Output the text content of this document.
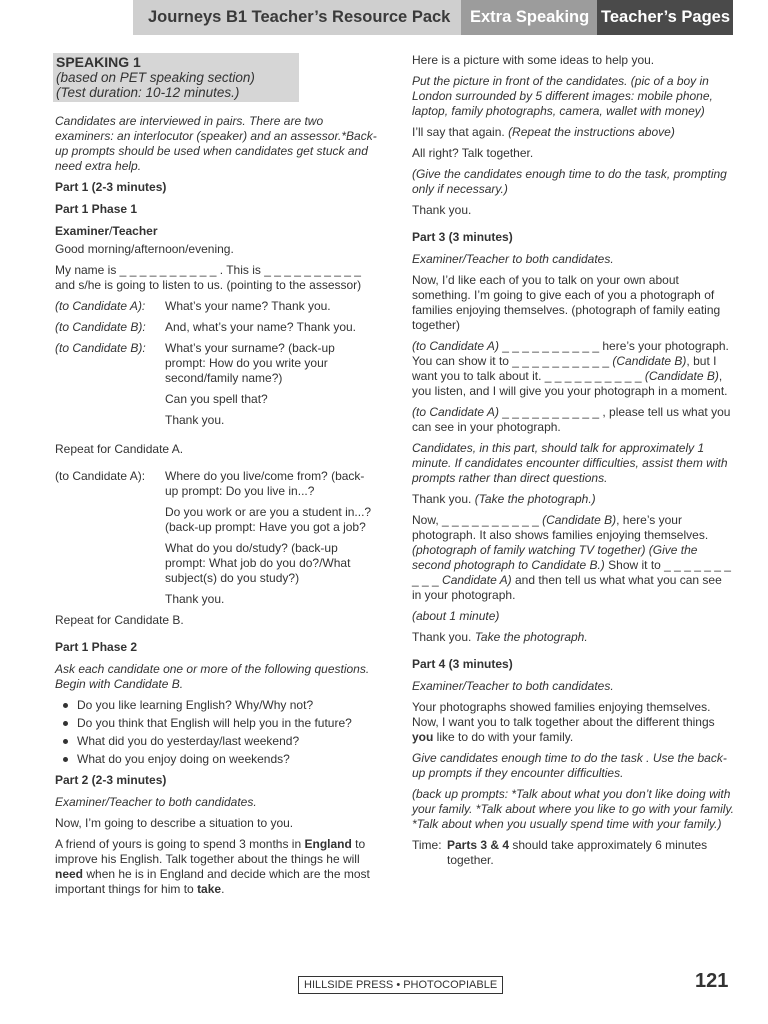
Journeys B1 Teacher’s Resource Pack	Extra Speaking Teacher’s Pages
SPEAKING 1
(based on PET speaking section)
(Test duration: 10-12 minutes.)

Candidates are interviewed in pairs. There are two examiners: an interlocutor (speaker) and an assessor.*Back-up prompts should be used when candidates get stuck and need extra help.

Part 1 (2-3 minutes)

Part 1 Phase 1

Examiner/Teacher

Good morning/afternoon/evening.

My name is _ _ _ _ _ _ _ _ _ _ . This is _ _ _ _ _ _ _ _ _ _ and s/he is going to listen to us. (pointing to the assessor)

(to Candidate A):	What’s your name? Thank you.
(to Candidate B):	And, what’s your name? Thank you.
(to Candidate B):	What’s your surname? (back-up prompt: How do you write your second/family name?)

Can you spell that?

Thank you.

Repeat for Candidate A.

(to Candidate A):	Where do you live/come from? (back-up prompt: Do you live in...?

Do you work or are you a student in...? (back-up prompt: Have you got a job?

What do you do/study? (back-up prompt: What job do you do?/What subject(s) do you study?)

Thank you.

Repeat for Candidate B.

Part 1 Phase 2

Ask each candidate one or more of the following questions. Begin with Candidate B.

Do you like learning English? Why/Why not?
Do you think that English will help you in the future?
What did you do yesterday/last weekend?
What do you enjoy doing on weekends?

Part 2 (2-3 minutes)

Examiner/Teacher to both candidates.

Now, I’m going to describe a situation to you.

A friend of yours is going to spend 3 months in England to improve his English. Talk together about the things he will need when he is in England and decide which are the most important things for him to take.

Here is a picture with some ideas to help you.

Put the picture in front of the candidates. (pic of a boy in London surrounded by 5 different images: mobile phone, laptop, family photographs, camera, wallet with money)

I’ll say that again. (Repeat the instructions above)

All right? Talk together.

(Give the candidates enough time to do the task, prompting only if necessary.)

Thank you.

Part 3 (3 minutes)

Examiner/Teacher to both candidates.

Now, I’d like each of you to talk on your own about something. I’m going to give each of you a photograph of families enjoying themselves. (photograph of family eating together)

(to Candidate A) _ _ _ _ _ _ _ _ _ _ here’s your photograph. You can show it to _ _ _ _ _ _ _ _ _ _ (Candidate B), but I want you to talk about it. _ _ _ _ _ _ _ _ _ _ (Candidate B), you listen, and I will give you your photograph in a moment.

(to Candidate A) _ _ _ _ _ _ _ _ _ _ , please tell us what you can see in your photograph.

Candidates, in this part, should talk for approximately 1 minute. If candidates encounter difficulties, assist them with prompts rather than direct questions.

Thank you. (Take the photograph.)

Now, _ _ _ _ _ _ _ _ _ _ (Candidate B), here’s your photograph. It also shows families enjoying themselves. (photograph of family watching TV together) (Give the second photograph to Candidate B.) Show it to _ _ _ _ _ _ _ _ _ _ Candidate A) and then tell us what what you can see in your photograph.

(about 1 minute)

Thank you. Take the photograph.

Part 4 (3 minutes)

Examiner/Teacher to both candidates.

Your photographs showed families enjoying themselves. Now, I want you to talk together about the different things you like to do with your family.

Give candidates enough time to do the task . Use the back-up prompts if they encounter difficulties.

(back up prompts: *Talk about what you don’t like doing with your family. *Talk about where you like to go with your family. *Talk about when you usually spend time with your family.)

Time: Parts 3 & 4 should take approximately 6 minutes together.
HILLSIDE PRESS • PHOTOCOPIABLE	121
